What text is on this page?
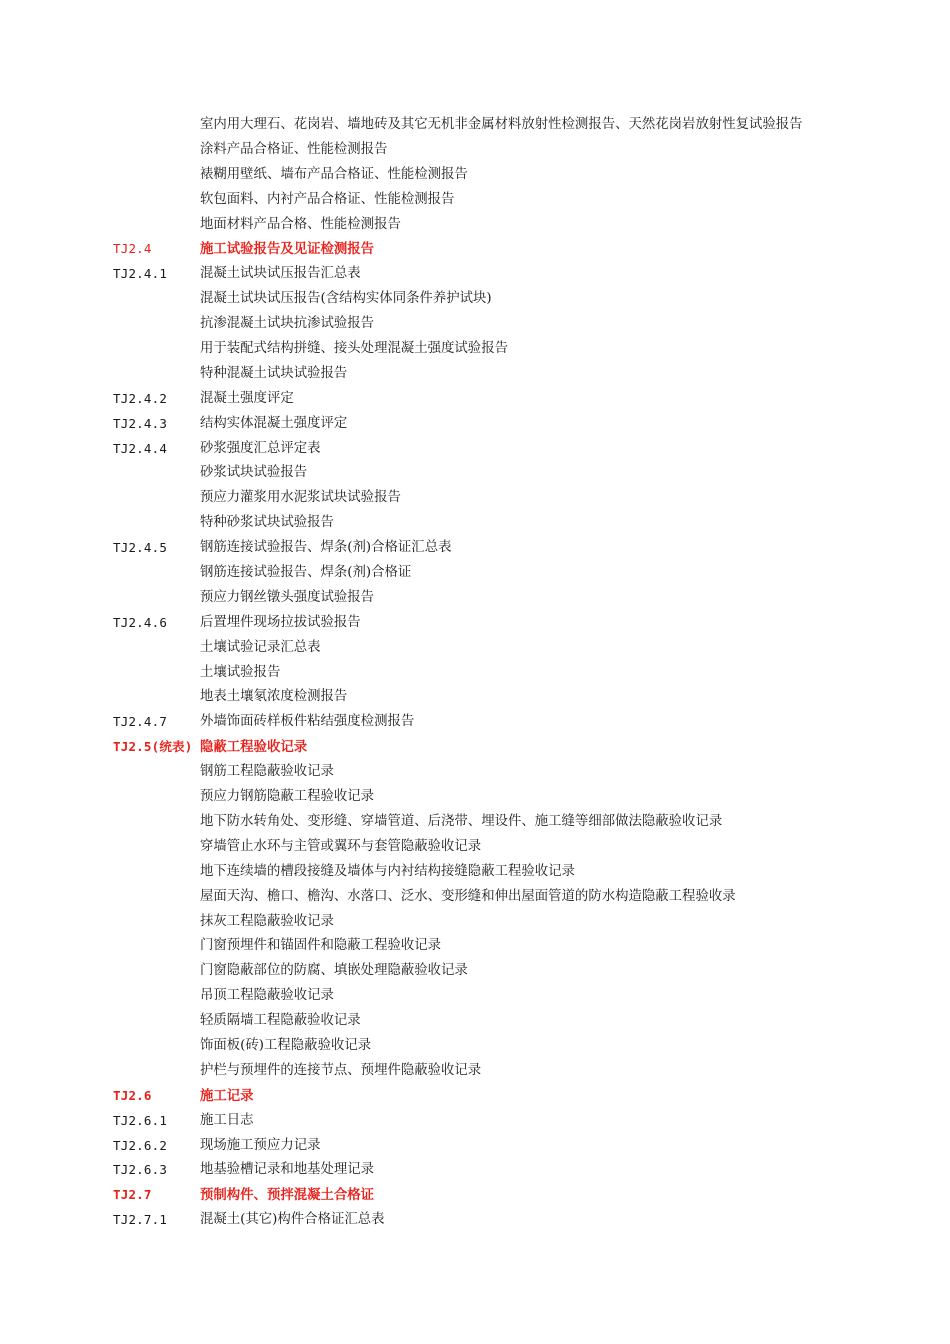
室内用大理石、花岗岩、墙地砖及其它无机非金属材料放射性检测报告、天然花岗岩放射性复试验报告
涂料产品合格证、性能检测报告
裱糊用壁纸、墙布产品合格证、性能检测报告
软包面料、内衬产品合格证、性能检测报告
地面材料产品合格、性能检测报告
TJ2.4	施工试验报告及见证检测报告
TJ2.4.1 混凝土试块试压报告汇总表
混凝土试块试压报告(含结构实体同条件养护试块)
抗渗混凝土试块抗渗试验报告
用于装配式结构拼缝、接头处理混凝土强度试验报告
特种混凝土试块试验报告
TJ2.4.2 混凝土强度评定
TJ2.4.3 结构实体混凝土强度评定
TJ2.4.4 砂浆强度汇总评定表
砂浆试块试验报告
预应力灌浆用水泥浆试块试验报告
特种砂浆试块试验报告
TJ2.4.5 钢筋连接试验报告、焊条(剂)合格证汇总表
钢筋连接试验报告、焊条(剂)合格证
预应力钢丝镦头强度试验报告
TJ2.4.6 后置埋件现场拉拔试验报告
土壤试验记录汇总表
土壤试验报告
地表土壤氡浓度检测报告
TJ2.4.7 外墙饰面砖样板件粘结强度检测报告
TJ2.5(统表) 隐蔽工程验收记录
钢筋工程隐蔽验收记录
预应力钢筋隐蔽工程验收记录
地下防水转角处、变形缝、穿墙管道、后浇带、埋设件、施工缝等细部做法隐蔽验收记录
穿墙管止水环与主管或翼环与套管隐蔽验收记录
地下连续墙的槽段接缝及墙体与内衬结构接缝隐蔽工程验收记录
屋面天沟、檐口、檐沟、水落口、泛水、变形缝和伸出屋面管道的防水构造隐蔽工程验收录
抹灰工程隐蔽验收记录
门窗预埋件和锚固件和隐蔽工程验收记录
门窗隐蔽部位的防腐、填嵌处理隐蔽验收记录
吊顶工程隐蔽验收记录
轻质隔墙工程隐蔽验收记录
饰面板(砖)工程隐蔽验收记录
护栏与预埋件的连接节点、预埋件隐蔽验收记录
TJ2.6	施工记录
TJ2.6.1 施工日志
TJ2.6.2 现场施工预应力记录
TJ2.6.3 地基验槽记录和地基处理记录
TJ2.7	预制构件、预拌混凝土合格证
TJ2.7.1 混凝土(其它)构件合格证汇总表
